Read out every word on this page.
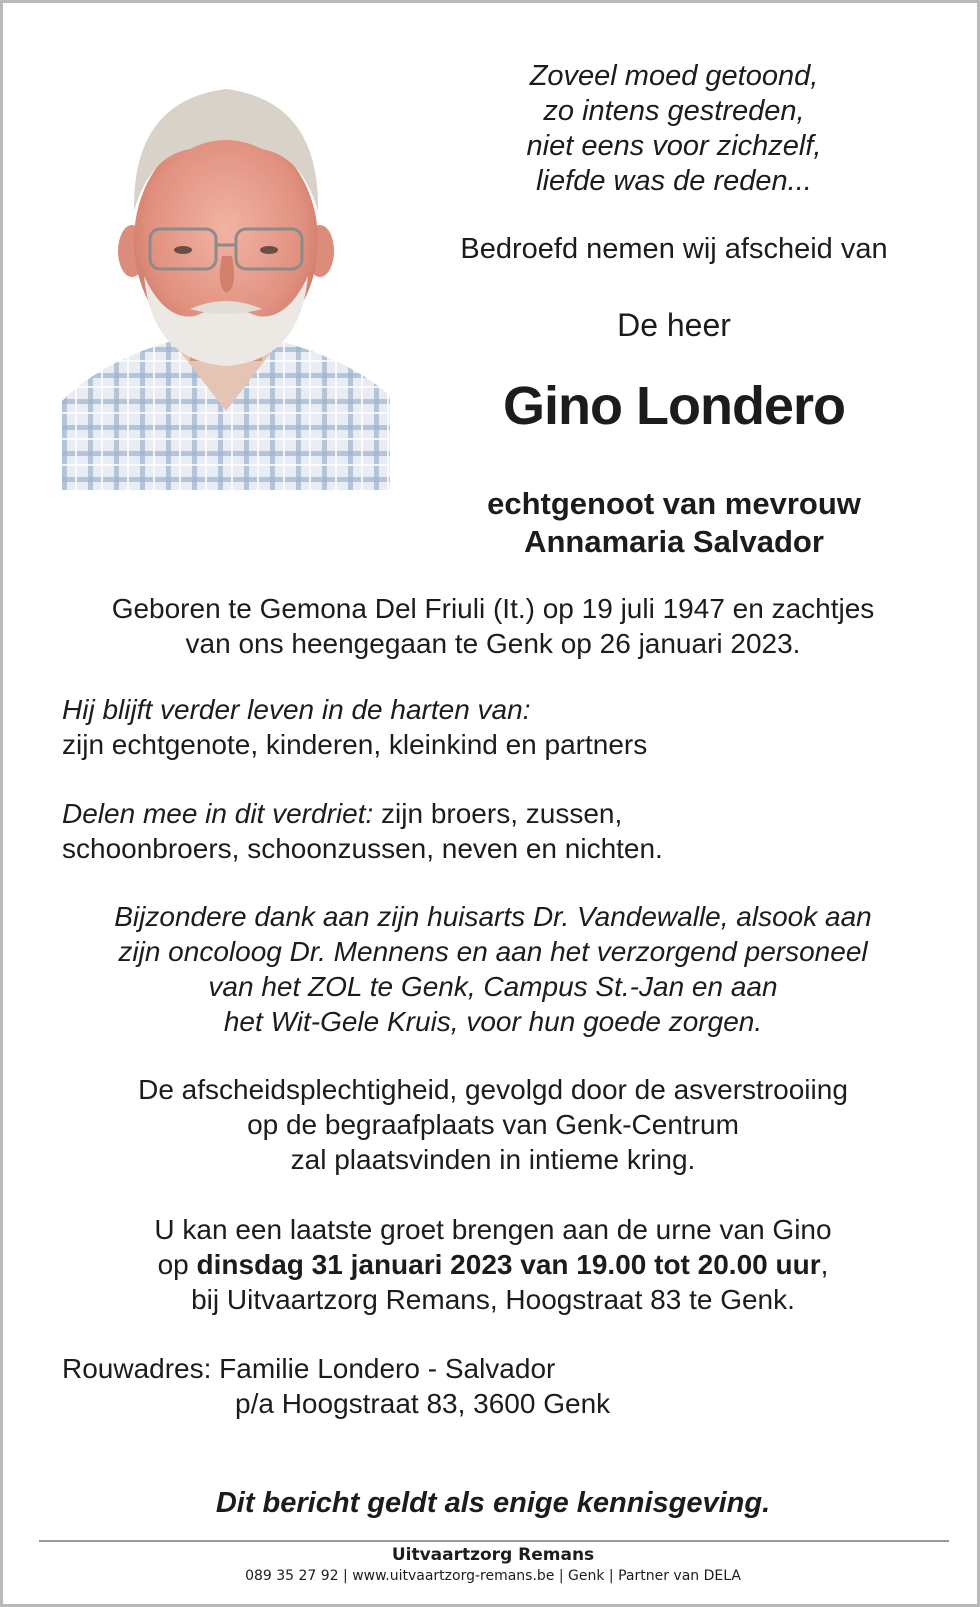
Zoveel moed getoond,
zo intens gestreden,
niet eens voor zichzelf,
liefde was de reden...
Bedroefd nemen wij afscheid van
De heer
Gino Londero
echtgenoot van mevrouw
Annamaria Salvador
Geboren te Gemona Del Friuli (It.) op 19 juli 1947 en zachtjes
van ons heengegaan te Genk op 26 januari 2023.
Hij blijft verder leven in de harten van:
zijn echtgenote, kinderen, kleinkind en partners
Delen mee in dit verdriet: zijn broers, zussen,
schoonbroers, schoonzussen, neven en nichten.
Bijzondere dank aan zijn huisarts Dr. Vandewalle, alsook aan
zijn oncoloog Dr. Mennens en aan het verzorgend personeel
van het ZOL te Genk, Campus St.-Jan en aan
het Wit-Gele Kruis, voor hun goede zorgen.
De afscheidsplechtigheid, gevolgd door de asverstrooiing
op de begraafplaats van Genk-Centrum
zal plaatsvinden in intieme kring.
U kan een laatste groet brengen aan de urne van Gino
op dinsdag 31 januari 2023 van 19.00 tot 20.00 uur,
bij Uitvaartzorg Remans, Hoogstraat 83 te Genk.
Rouwadres: Familie Londero - Salvador
p/a Hoogstraat 83, 3600 Genk
Dit bericht geldt als enige kennisgeving.
Uitvaartzorg Remans
089 35 27 92 | www.uitvaartzorg-remans.be | Genk | Partner van DELA
